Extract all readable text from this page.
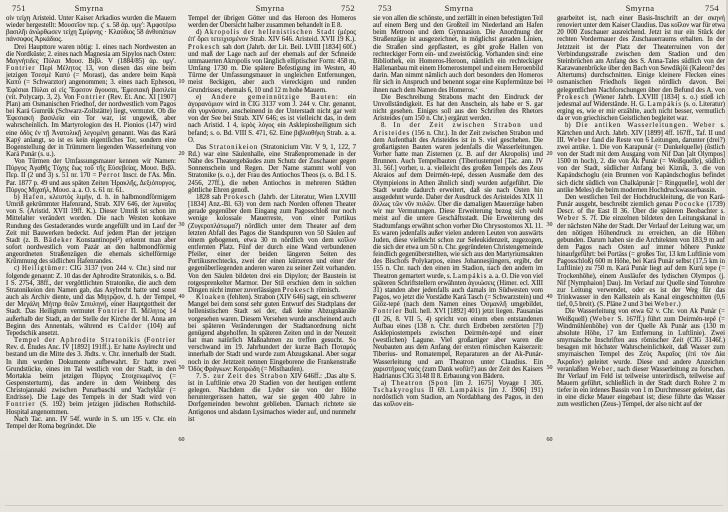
751	Smyrna	Smyrna	752

οἷν τείχη Aristeid. Unter Kaiser Arkadios wurden die Mauern wieder hergestellt: Μουσεῖον περ. ς′ s. 58 ἀρ. υμγ′: Ἀμφοτέρω βασιλῆι ἀνώρθωσεν τείχη Σμύρνης · Κλαύδιος 58 ἀνθυπάτων πάνσοφος Ἀρκάδιος.

Drei Haupttore waren nötig: 1. eines nach Nordwesten an die Nordküste; 2. eines nach Magnesia am Sipylos nach Osten: Μαγνήτιδες Πύλαι Μουσ. Βιβλ. V (1884/85) ἀρ. υμγ′. Fontrier Περὶ Μέλητος 13, von diesen das eine beim jetzigen Τσεσμὲ Καπύ (= Morast), das andere beim Καρὰ Καπύ (= Schwarztor) angenommen; 3. eines nach Epheson, Ἐφέσιαι Πύλαι αἱ εἰς Ἔφεσον ἄγουσαι, Ἐφεσιακὴ βασιλεία (vit. Polycarp. 3, 2). Von Fontrier (Rev. Ét. Anc. XI [1907] Plan) am Osmanischen Friedhof, der nordwestlich vom Pagos bei Kará Gumrük (Schwarz-Zollstätte) liegt, vermutet. Ob die Ἐφεσιακὴ βασιλεία ein Tor war, ist ungewiß, aber wahrscheinlich. Im Martyrologion des H. Pionios (147) wird eine ὁδὸς ἐν τῇ Ἀνατολικῇ λεγομένη genannt. Was das Kará Kapý anlangt, so ist es kein eigentliches Tor, sondern eine Bogenstellung der in Trümmern liegenden Wasserleitung von Kará Punár (s. u.).

Von Türmen der Umfassungsmauer kennen wir Namen: Πύργος Ἀγαθῆς Τύχης ἕως τοῦ τῆς Εὐσεβείας, Μουσ. Βιβλ. Περ. II (2 und 3) s. 51 nr. 170 = Perrot Inscr. de l'As. Min. Par. 1877 p. 49 und aus späten Zeiten Ἡρακλῆς, Δεξιόπυργος, Πύργος Μιχαήλ, Μουσ. a. a. O. s. 61 nr. 61.

b) Hafen, κλειστὸς λιμήν, d. h. in halbmondförmigem Umriß gekrümmter Hafenrand, Strab. XIV 646, der λιμναῖος von S. (Aristid. XVII 19ff. K.). Dieser Umriß ist schon im Mittelalter verändert worden. Die nach Westen konkave Rundung des Gestaderandes wurde angefüllt und im Lauf der Zeit mit Bauwerken bedeckt. Auf jedem Plan der jetzigen Stadt (z. B. Bädeker Konstantinopel²) erkennt man aber sofort nordwestlich vom Pazár an den halbmondförmig angeordneten Straßenzügen die ehemals sichelförmige Krümmung des südlichen Hafenrandes.

c) Heiligtümer: CIG 3137 (von 244 v. Chr.) sind nur folgende genannt: Z. 10 das der Aphrodite Stratonikis, s. o. Bd. I S. 2754, 38ff., der vergöttlichten Stratonike, die auch dem Stratonikeion den Namen gab, das Asylrecht hatte und sonst auch als Archiv diente, und das Μητρῷον, d. h. der Tempel, der Μεγάλη Μήτηρ θεῶν Σιπυληνή, einer Hauptgottheit der Stadt. Das Heiligtum vermutet Fontrier Π. Μέλητος 14 außerhalb der Stadt, an der Stelle der Kirche der hl. Anna am Beginn des Annentals, während es Calder (104) auf Tepedschik ansetzt.

Tempel der Aphrodite Stratonikis (Fontrier Rev. d. Études Anc. IV [1892] 191ff.). Er hatte Asylrecht und bestand um die Mitte des 3. Jhdts. v. Chr. innerhalb der Stadt. In ihm wurden Dokumente aufbewahrt. Er hatte zwei Grundstücke, eines im Tal westlich von der Stadt, in den Mortakia beim jetzigen Πύργος Στοιχειωμένος (= Gespensterturm), das andere in dem Weinberg des Christojannaki zwischen Punarbaschi und Yachyklár (= Endrisse). Die Lage des Tempels in der Stadt wird von Fontrier (S. 192) beim jetzigen jüdischen Rothschild-Hospital angenommen.

Nach Tac. ann. IV 54f. wurde in S. um 195 v. Chr. ein Tempel der Roma begründet. Die

10
20
30
40
50
60

Tempel der übrigen Götter und das Heroon des Homeros werden der Übersicht halber zusammen behandelt in E 8.

d) Akropolis der hellenistischen Stadt (μέρος ἐπ' ὄρει τετειχισμένον Strab. XIV 646. Aristeid. XVII 19 K.). Prokesch sah dort (Jahrb. der Lit. Beil. LVIII [1834] 60f.) und maß der Lage nach auf der ehemals auf der Schneide ummauerten Akropolis von länglich elliptischer Form: 458 m, Umfang 1730 m. Die spätere Befestigung im Westen, 40 Türme der Umfassungsmauer in ungleichen Entfernungen, meist 8eckigen, aber auch viereckigen und runden Grundrisses; ehemals 6, 10 und 12 m hohe Mauern.

e) Andere gemeinnützige Bauten: ein ἀγορανόμιον wird in CIG 3137 vom J. 244 v. Chr. genannt, ein γυμνάσιον, anscheinend in der Unterstadt nicht gar weit von der See bei Strab. XIV 646; es ist vielleicht das, in dem nach Aristid. I 4, ἱερὸς λόγος ein Asklepiosheiligtum sich befand; s. o. Bd. VIII S. 471, 62. Eine βιβλιοθήκη Strab. a. a. O.

Das Stratonikeion (Stratonicium Vitr. V 9, 1, 122, 7 Rd.) war eine Säulenhalle, eine Straßenpromenade in der Nähe des Theatergebäudes zum Schutz der Zuschauer gegen Sonnenschein und Regen. Der Name stammt wohl von Stratonike (s. o.), der Frau des Antiochos Theos (s. o. Bd. I S. 2456, 27ff.), die neben Antiochos in mehreren Städten göttliche Ehren genoß.

1828 sah Prokesch (Jahrb. der Literatur, Wien LXVIII [1834] Anz.-Bl. 63) von dem nach Norden offenen Theater gerade gegenüber dem Eingang zum Pagosschloß nur noch wenige kolossale Mauerreste, von einer Portikus (Ζυγεροπλάτωμα?) nördlich unter dem Theater auf dem letzten Abfall des Pagos die Standspuren von 50 Säulen auf einem gebogenen, etwa 30 m nördlich von dem κοῖλον entfernten Platz. Fünf der durch eine Wand verbundenen Pfeiler, einer der beiden längeren Seiten des Portikusrechtecks, zwei der einen kürzeren und einer der gegenüberliegenden anderen waren zu seiner Zeit vorhanden. Von den Säulen bildeten drei ein Dipylon; der Baustein ist rotgesprenkelter Marmor. Der Stil erschien dem in solchen Dingen nicht immer zuverlässigen Prokesch römisch.

Kloaken (fehlten). Strabon (XIV 646) sagt, ein schwerer Mangel bei dem sonst sehr guten Entwurf des Stadtplans der hellenistischen Stadt sei der, daß keine Abzugskanäle vorgesehen waren. Diesem Versehen wurde anscheinend auch bei späteren Veränderungen der Stadtanordnung nicht genügend abgeholfen. In späteren Zeiten und in der Neuzeit hat man natürlich Maßnahmen zu treffen gesucht. So verschwand im 19. Jahrhundert der kurze Bach Ποταμός innerhalb der Stadt und wurde zum Abzugskanal. Aber sogar noch in der Jetztzeit nennen Eingeborene die Frankenstraße Ὁδὸς Φράγκων: Κοπρώδη (= Misthaufen).

7. S. zur Zeit des Strabon XIV 646ff.: ‚Das alte S. ist in Luftlinie etwa 20 Stadien von der heutigen entfernt gelegen. Nachdem die Lyder sie von der Höhe heruntergerissen hatten, war sie gegen 400 Jahre in Dorfgemeinden bewohnt geblieben. Darnach richtete sie Antigonos und alsdann Lysimachos wieder auf, und nunmehr ist

753	Smyrna	Smyrna	754

sie von allen die schönste, und zerfällt in einen befestigten Teil auf einem Berg und den Großteil im Niederland am Hafen beim Metroon und dem Gymnasion. Die Anordnung der Straßenzüge ist ausgezeichnet, in möglichst geraden Linien, die Straßen sind gepflastert, es gibt große Hallen von rechteckiger Form ein- und zweistöckig. Vorhanden sind: eine Bibliothek, ein Homeros-Heroon, nämlich ein rechteckiger Hallenanbau mit einem Homerostempel und einem Heroenbild darin. Man nimmt nämlich auch dort besonders den Homeros für sich in Anspruch und benennt sogar eine Kupfermünze bei ihnen nach dem Namen des Homeros.‘

Die Beschreibung Strabons macht den Eindruck der Unvollständigkeit. Es hat den Anschein, als habe er S. gar nicht gesehen. Einiges soll aus den Schriften des Rhetors Aristeides (um 150 n. Chr.) ergänzt werden.

8. In der Zeit zwischen Strabon und Aristeides (156 n. Chr.). In der Zeit zwischen Strabon und dem Aufenthalt des Aristeides ist in S. viel geschehen. Die großartigsten Bauten waren jedenfalls die Wasserleitungen. Vorher hatte man Zisternen (z. B. auf der Akropolis) und Brunnen. Auch Tempelbauten (Tiberiustempel [Tac. ann. IV 31. 56f.] vorher, u. a. vielleicht des großen Tempels des Zeus Akraios auf dem Deirmén-tepé, dessen Ausmaße dem des Olympieions in Athen ähnlich sind) wurden aufgeführt. Die Stadt wurde dadurch erweitert, daß sie nach Osten hin ausgedehnt wurde. Daher der Ausdruck des Aristeides XIX 11 ἄλλως τῶν νῦν πυλῶν. Über die damaligen Mauerzüge haben wir nur Vermutungen. Diese Erweiterung bezog sich wohl meist auf die untere Geschäftsstadt. Die Erweiterung des Stadtumfangs erwähnt schon vorher Dio Chrysostomos XL 11. Es waren jedenfalls außer vielen anderen Leuten von auswärts Juden, diese vielleicht schon zur Seleukidenzeit, zugezogen, die sich der etwa um 50 n. Chr. gegründeten Christengemeinde feindlich gegenüberstellten, wie sich aus den Martyriumsakten des Bischofs Polykarpos, eines Johannesjüngers, ergibt, der 155 n. Chr. nach den einen im Stadion, nach den andern im Theatron gemartert wurde, s. Lampákis a. a. O. Die von viel späteren Schriftstellern erwähnten ἀγυιώσεις (Himer. ecl. XIII 31) standen aber jedenfalls auch damals im Südwesten vom Pagos, wo jetzt die Vorstädte Kará Tasch (= Schwarzstein) und Giöz-tepé (nach dem Namen eines Ὀσμανλῆ umgebildet, Fontrier Bull. hell. XVI [1892] 401) jetzt liegen. Pausanias (II 26, 8. VII 5, 4) spricht von einem eben entstandenen Aufbau eines (138 n. Chr. durch Erdbeben zerstörten [?]) Asklepiostempels zwischen Deirmén-tepé und einer (westlichen) Lagune. Viel großartiger aber waren die Neubauten aus dem Anfang der ersten römischen Kaiserzeit: Tiberius- und Romatempel, Reparaturen an der Ak-Punár-Wasserleitung und am Theatron unter Claudius. Ein χαριστήριος ναός (zum Dank wofür?) aus der Zeit des Kaisers Hadrianus CIG 3148 II 8. Erbauung von Bädern.

a) Theatron (Spon [im J. 1675] Voyage I 305. Tschakyroglus II 69. Lampákis [im J. 1906] 191) nordöstlich vom Stadion, am Nordabhang des Pagos, in den das κοῖλον ein-

10
20
30
40
50
60

gearbeitet ist, nach einer Basis-Inschrift an der σκηνή renoviert unter dem Kaiser Claudius. Das κοῖλον war für etwa 20 000 Zuschauer ausreichend. Jetzt ist nur ein Stück der rechten Vordermauer des Zuschauerraums erhalten. In der Jetztzeit ist der Platz der Theaterruinen von der Verbindungsstraße zwischen dem Stadion und den Steinbrüchen am Anfang des S. Anna-Tales südlich von der Karawanenbrücke über den Bach von Sewdikjöi (Kaleon? des Altertums) durchschnitten. Einige kleinere Flecken eines osmanischen Friedhofs liegen nördlich davon. Bei gelegentlichen Nachforschungen über den Befund des A. von Prokesch (Wiener Jahrb. LXVIII [1834] s. o.) stieß ich jedesmal auf Widerstände. H. G. Lampákis (s. o. Literatur) erging es, wie er mir erzählte, auch nicht besser, vermutlich da er von griechischen Geistlichen begleitet war.

b) Die antiken Wasserleitungen. Weber s. Kärtchen und Arch. Jahrb. XIV [1899] 4ff. 167ff., Taf. II und III. Weber fand die Reste von 6 Leitungen, darunter (drei?) zwei antike. 1. Die von Karapunár (= Dunkelquelle) (östlich von der Stadt mit dem Ausgang vom Nif Dan [alt Olympos] 1500 m hoch), 2. die von Ak Punár (= Weißquelle), südlich von der Stadt, südlicher Anfang bei Kizník, 3. die von Kapándschoglu (ein Brunnen von Kapándschoglus befindet sich dicht südlich von Chalkápunár [= Ringquelle], wohl der antike Meles) die beim modernen Hochdruckwasserbassin.

Den westlichen Teil der Hochdruckleitung, die von Kará-Punár ausgeht, beschreibt ziemlich genau Pococke (1739) Descr. of the East II 36. Über die späteren Beobachter s. Weber S. 7f. Die einzelnen bildeten den Leitungskanal in der nächsten Nähe der Stadt. Der Verlauf der Leitung war, um den nötigen Höhendruck zu erreichen, an die Höhen gebunden. Darum haben sie die Architekten von 183,9 m auf dem Pagos nach Osten auf immer höhere Punkte hinaufgeführt: bei Portäss (= großes Tor, 13 km Luftlinie vom Pagosschloß) 600 m Höhe, bei Kará Punár selbst (17,5 km in Luftlinie) zu 750 m. Kará Punár liegt auf dem Kurú tepe (= Trockenhöhe), einem Ausläufer des lydischen Olympos (j. Nif [Nymphaion] Dau). Im Verlauf zur Quelle sind Tonrohre zur Leitung verwendet, oder es ist der Weg für das Trinkwasser in den Kalkstein als Kanal eingeschnitten (0,6 tief, 0,5 breit). (S. Pläne 2 und 3 bei Weber.)

Die Wasserleitung von etwa 62 v. Chr. von Ak Punár (= Weißquell) (Weber S. 167ff.) führt zum Deirmén-tepé (= Windmühlenhöhe) von der Quelle Ak Punár aus (130 m absolute Höhe, 17 km Entfernung in Luftlinie). Zwei smyrnaische Inschriften aus römischer Zeit (CIG 3146f.) besagen mit höchster Wahrscheinlichkeit, daß Wasser zum smyrnaischen Tempel des Ζεὺς Ἀκραῖος (ἐπὶ τὸν Δία Ἀκραῖον) geleitet wurde. Diese und andere Anzeichen veranlaßten Weber, nach dieser Wasserleitung zu forschen. Ihr Verlauf im Feld ist teilweise unterirdisch, teilweise auf Mauern geführt, schließlich in der Stadt durch Rohre 2 m tiefer in ein irdenes Bassin von 1 m Durchmesser geleitet, das in eine dicke Mauer eingebaut ist; diese führte das Wasser zum westlichen (Zeus-) Tempel, der also nicht auf der
